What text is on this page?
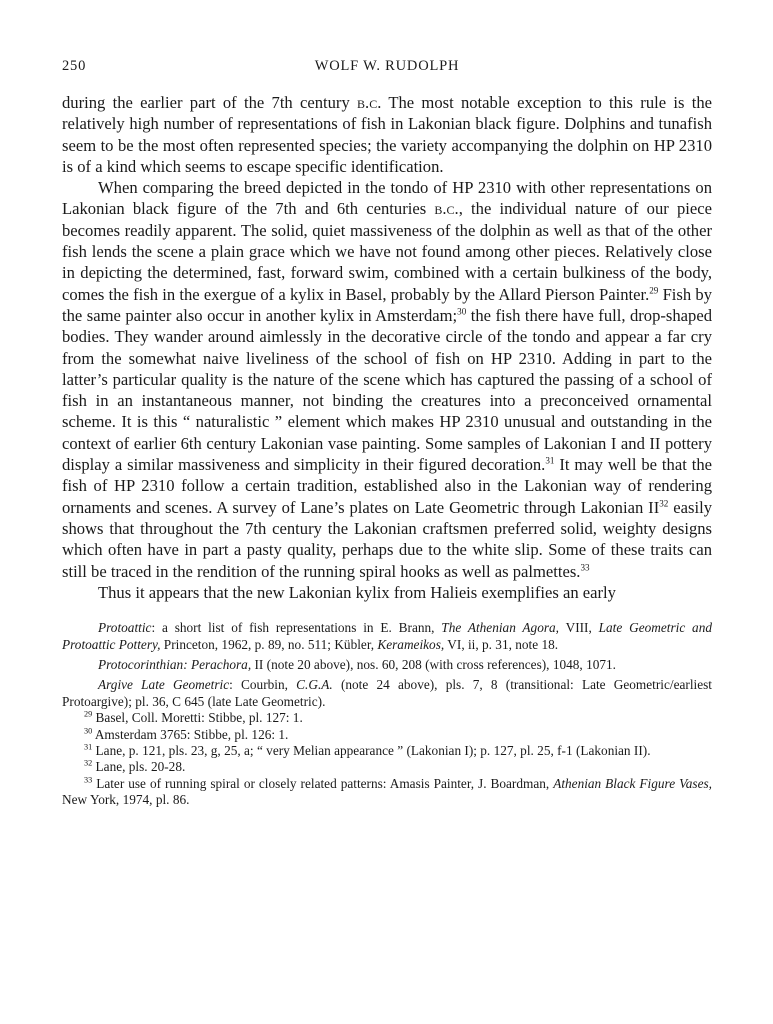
250	WOLF W. RUDOLPH

during the earlier part of the 7th century b.c. The most notable exception to this rule is the relatively high number of representations of fish in Lakonian black figure. Dolphins and tunafish seem to be the most often represented species; the variety accompanying the dolphin on HP 2310 is of a kind which seems to escape specific identification.

When comparing the breed depicted in the tondo of HP 2310 with other representations on Lakonian black figure of the 7th and 6th centuries b.c., the individual nature of our piece becomes readily apparent. The solid, quiet massiveness of the dolphin as well as that of the other fish lends the scene a plain grace which we have not found among other pieces. Relatively close in depicting the determined, fast, forward swim, combined with a certain bulkiness of the body, comes the fish in the exergue of a kylix in Basel, probably by the Allard Pierson Painter.$^{29}$ Fish by the same painter also occur in another kylix in Amsterdam;$^{30}$ the fish there have full, drop-shaped bodies. They wander around aimlessly in the decorative circle of the tondo and appear a far cry from the somewhat naive liveliness of the school of fish on HP 2310. Adding in part to the latter’s particular quality is the nature of the scene which has captured the passing of a school of fish in an instantaneous manner, not binding the creatures into a preconceived ornamental scheme. It is this “ naturalistic ” element which makes HP 2310 unusual and outstanding in the context of earlier 6th century Lakonian vase painting. Some samples of Lakonian I and II pottery display a similar massiveness and simplicity in their figured decoration.$^{31}$ It may well be that the fish of HP 2310 follow a certain tradition, established also in the Lakonian way of rendering ornaments and scenes. A survey of Lane’s plates on Late Geometric through Lakonian II$^{32}$ easily shows that throughout the 7th century the Lakonian craftsmen preferred solid, weighty designs which often have in part a pasty quality, perhaps due to the white slip. Some of these traits can still be traced in the rendition of the running spiral hooks as well as palmettes.$^{33}$

Thus it appears that the new Lakonian kylix from Halieis exemplifies an early

Protoattic: a short list of fish representations in E. Brann, The Athenian Agora, VIII, Late Geometric and Protoattic Pottery, Princeton, 1962, p. 89, no. 511; Kübler, Kerameikos, VI, ii, p. 31, note 18.

Protocorinthian: Perachora, II (note 20 above), nos. 60, 208 (with cross references), 1048, 1071.

Argive Late Geometric: Courbin, C.G.A. (note 24 above), pls. 7, 8 (transitional: Late Geometric/earliest Protoargive); pl. 36, C 645 (late Late Geometric).

$^{29}$ Basel, Coll. Moretti: Stibbe, pl. 127: 1.

$^{30}$ Amsterdam 3765: Stibbe, pl. 126: 1.

$^{31}$ Lane, p. 121, pls. 23, g, 25, a; “ very Melian appearance ” (Lakonian I); p. 127, pl. 25, f-1 (Lakonian II).

$^{32}$ Lane, pls. 20-28.

$^{33}$ Later use of running spiral or closely related patterns: Amasis Painter, J. Boardman, Athenian Black Figure Vases, New York, 1974, pl. 86.
